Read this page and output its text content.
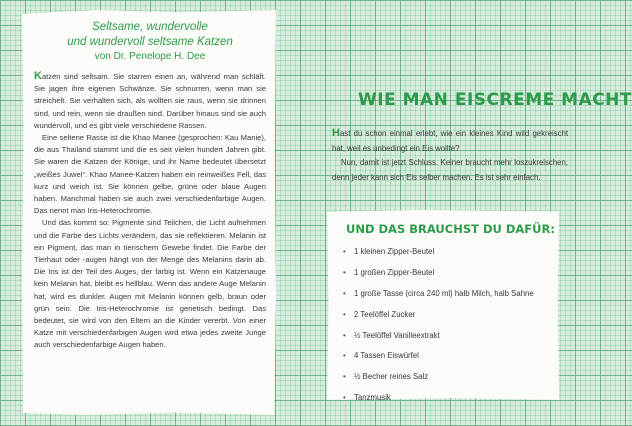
Seltsame, wundervolle
und wundervoll seltsame Katzen

von Dr. Penelope H. Dee

Katzen sind seltsam. Sie starren einen an, während man schläft. Sie jagen ihre eigenen Schwänze. Sie schnurren, wenn man sie streichelt. Sie verhalten sich, als wollten sie raus, wenn sie drinnen sind, und rein, wenn sie draußen sind. Darüber hinaus sind sie auch wundervoll, und es gibt viele verschiedene Rassen.

Eine seltene Rasse ist die Khao Manee (gesprochen: Kau Manie), die aus Thailand stammt und die es seit vielen hundert Jahren gibt. Sie waren die Katzen der Könige, und ihr Name bedeutet übersetzt „weißes Juwel“. Khao Manee-Katzen haben ein reinweißes Fell, das kurz und weich ist. Sie können gelbe, grüne oder blaue Augen haben. Manchmal haben sie auch zwei verschiedenfarbige Augen. Das nennt man Iris-Heterochromie.

Und das kommt so: Pigmente sind Teilchen, die Licht aufnehmen und die Farbe des Lichts verändern, das sie reflektieren. Melanin ist ein Pigment, das man in tierischem Gewebe findet. Die Farbe der Tierhaut oder -augen hängt von der Menge des Melanins darin ab. Die Iris ist der Teil des Auges, der farbig ist. Wenn ein Katzenauge kein Melanin hat, bleibt es hellblau. Wenn das andere Auge Melanin hat, wird es dunkler. Augen mit Melanin können gelb, braun oder grün sein. Die Iris-Heterochromie ist genetisch bedingt. Das bedeutet, sie wird von den Eltern an die Kinder vererbt. Von einer Katze mit verschiedenfarbigen Augen wird etwa jedes zweite Junge auch verschiedenfarbige Augen haben.

WIE MAN EISCREME MACHT

Hast du schon einmal erlebt, wie ein kleines Kind wild gekreischt hat, weil es unbedingt ein Eis wollte?

Nun, damit ist jetzt Schluss. Keiner braucht mehr loszukreischen, denn jeder kann sich Eis selber machen. Es ist sehr einfach.

UND DAS BRAUCHST DU DAFÜR:
• 1 kleinen Zipper-Beutel
• 1 großen Zipper-Beutel
• 1 große Tasse (circa 240 ml) halb Milch, halb Sahne
• 2 Teelöffel Zucker
• ½ Teelöffel Vanilleextrakt
• 4 Tassen Eiswürfel
• ½ Becher reines Salz
• Tanzmusik
